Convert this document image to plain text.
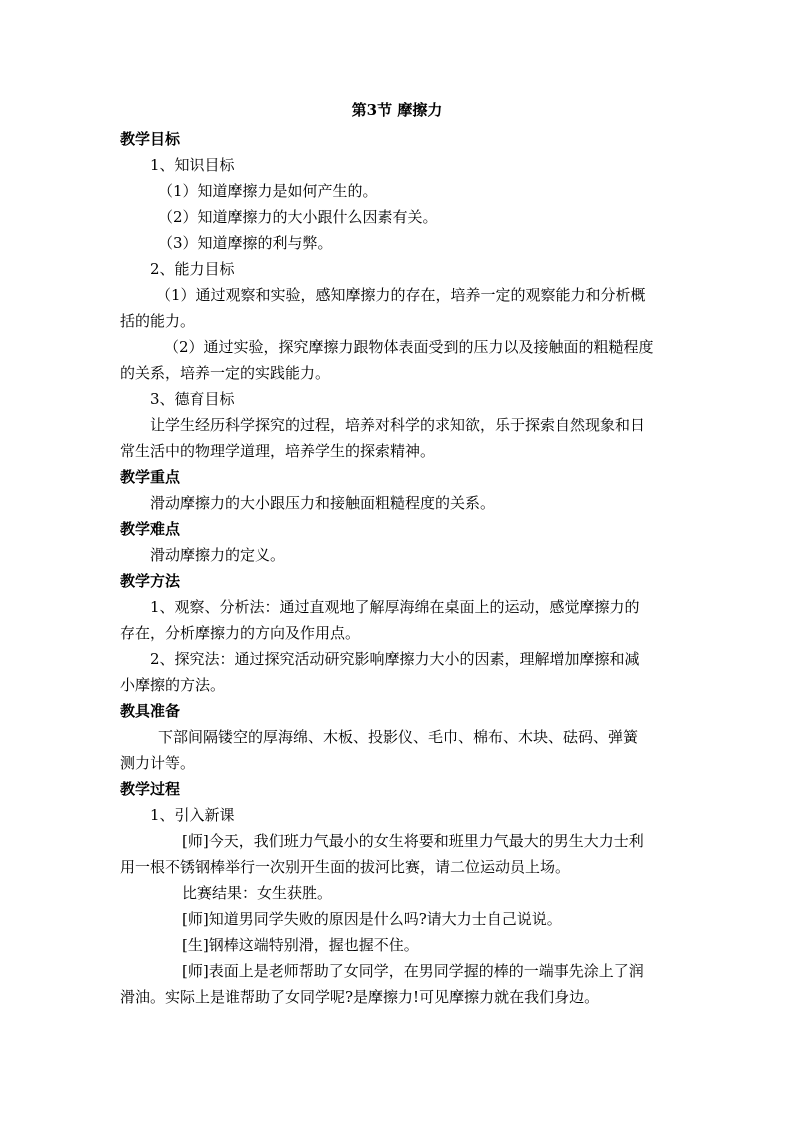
第3节 摩擦力
教学目标
1、知识目标
（1）知道摩擦力是如何产生的。
（2）知道摩擦力的大小跟什么因素有关。
（3）知道摩擦的利与弊。
2、能力目标
（1）通过观察和实验，感知摩擦力的存在，培养一定的观察能力和分析概
括的能力。
（2）通过实验，探究摩擦力跟物体表面受到的压力以及接触面的粗糙程度
的关系，培养一定的实践能力。
3、德育目标
让学生经历科学探究的过程，培养对科学的求知欲，乐于探索自然现象和日
常生活中的物理学道理，培养学生的探索精神。
教学重点
滑动摩擦力的大小跟压力和接触面粗糙程度的关系。
教学难点
滑动摩擦力的定义。
教学方法
1、观察、分析法：通过直观地了解厚海绵在桌面上的运动，感觉摩擦力的
存在，分析摩擦力的方向及作用点。
2、探究法：通过探究活动研究影响摩擦力大小的因素，理解增加摩擦和减
小摩擦的方法。
教具准备
下部间隔镂空的厚海绵、木板、投影仪、毛巾、棉布、木块、砝码、弹簧
测力计等。
教学过程
1、引入新课
[师]今天，我们班力气最小的女生将要和班里力气最大的男生大力士利
用一根不锈钢棒举行一次别开生面的拔河比赛，请二位运动员上场。
比赛结果：女生获胜。
[师]知道男同学失败的原因是什么吗?请大力士自己说说。
[生]钢棒这端特别滑，握也握不住。
[师]表面上是老师帮助了女同学，在男同学握的棒的一端事先涂上了润
滑油。实际上是谁帮助了女同学呢?是摩擦力!可见摩擦力就在我们身边。
